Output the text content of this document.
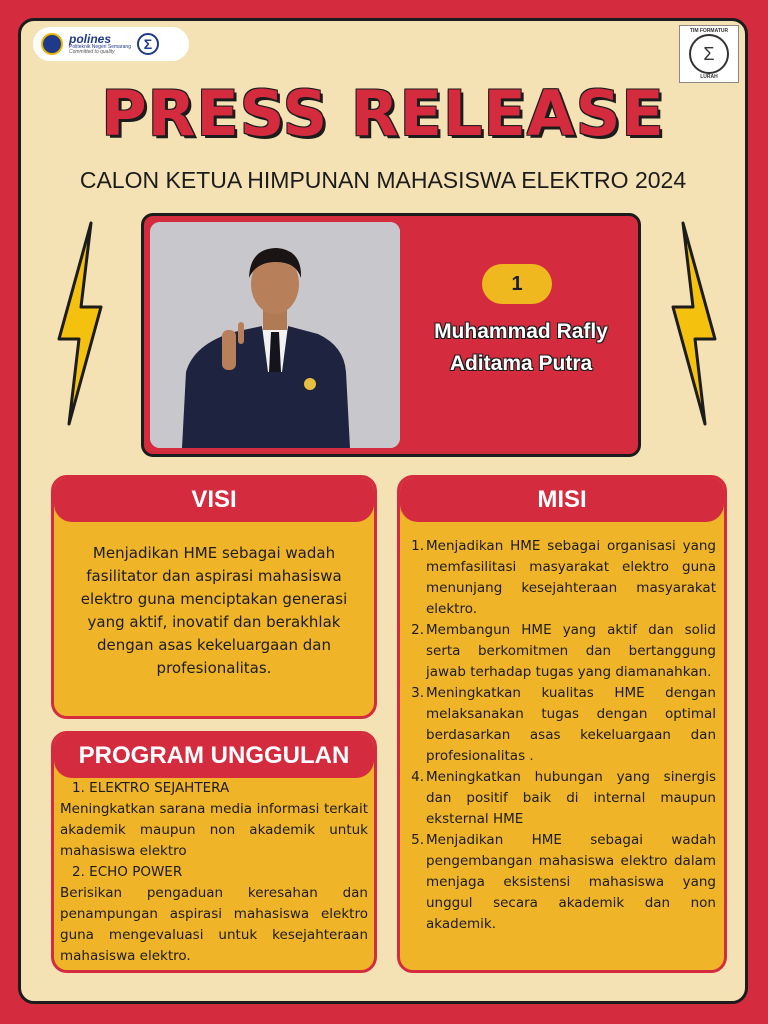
polines
Politeknik Negeri Semarang
Committed to quality	Σ
TIM FORMATUR
Σ
LURAH
PRESS RELEASE
CALON KETUA HIMPUNAN MAHASISWA ELEKTRO 2024
1
Muhammad Rafly
Aditama Putra
VISI
Menjadikan HME sebagai wadah fasilitator dan aspirasi mahasiswa elektro guna menciptakan generasi yang aktif, inovatif dan berakhlak dengan asas kekeluargaan dan profesionalitas.
PROGRAM UNGGULAN
1. ELEKTRO SEJAHTERA
Meningkatkan sarana media informasi terkait akademik maupun non akademik untuk mahasiswa elektro
2. ECHO POWER
Berisikan pengaduan keresahan dan penampungan aspirasi mahasiswa elektro guna mengevaluasi untuk kesejahteraan mahasiswa elektro.
MISI
1. Menjadikan HME sebagai organisasi yang memfasilitasi masyarakat elektro guna menunjang kesejahteraan masyarakat elektro.
2. Membangun HME yang aktif dan solid serta berkomitmen dan bertanggung jawab terhadap tugas yang diamanahkan.
3. Meningkatkan kualitas HME dengan melaksanakan tugas dengan optimal berdasarkan asas kekeluargaan dan profesionalitas .
4. Meningkatkan hubungan yang sinergis dan positif baik di internal maupun eksternal HME
5. Menjadikan HME sebagai wadah pengembangan mahasiswa elektro dalam menjaga eksistensi mahasiswa yang unggul secara akademik dan non akademik.
